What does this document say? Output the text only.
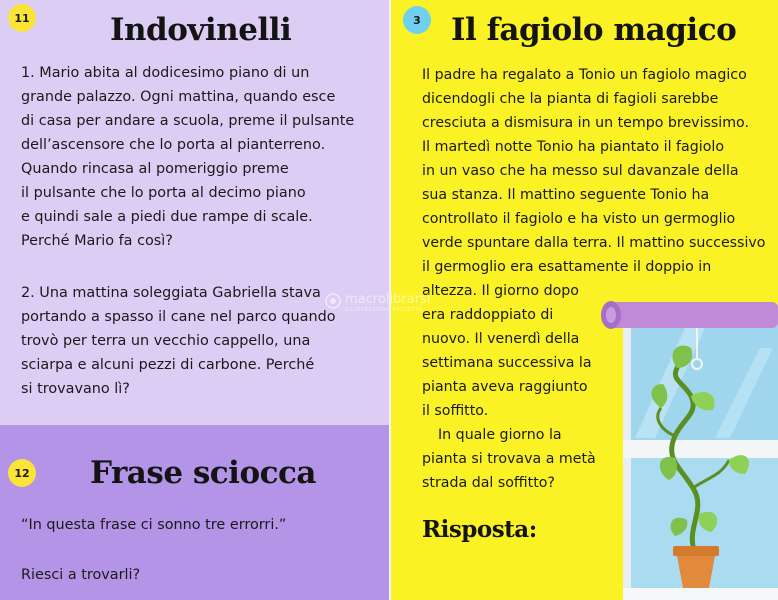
11	Indovinelli
1. Mario abita al dodicesimo piano di un
grande palazzo. Ogni mattina, quando esce
di casa per andare a scuola, preme il pulsante
dell’ascensore che lo porta al pianterreno.
Quando rincasa al pomeriggio preme
il pulsante che lo porta al decimo piano
e quindi sale a piedi due rampe di scale.
Perché Mario fa così?
2. Una mattina soleggiata Gabriella stava
portando a spasso il cane nel parco quando
trovò per terra un vecchio cappello, una
sciarpa e alcuni pezzi di carbone. Perché
si trovavano lì?
12 Frase sciocca

“In questa frase ci sonno tre errorri.”

Riesci a trovarli?

3 Il fagiolo magico
Il padre ha regalato a Tonio un fagiolo magico
dicendogli che la pianta di fagioli sarebbe
cresciuta a dismisura in un tempo brevissimo.
Il martedì notte Tonio ha piantato il fagiolo
in un vaso che ha messo sul davanzale della
sua stanza. Il mattino seguente Tonio ha
controllato il fagiolo e ha visto un germoglio
verde spuntare dalla terra. Il mattino successivo
il germoglio era esattamente il doppio in
altezza. Il giorno dopo
era raddoppiato di
nuovo. Il venerdì della
settimana successiva la
pianta aveva raggiunto
il soffitto.
In quale giorno la
pianta si trovava a metà
strada dal soffitto?
Risposta:
macrolibrarsi
ILLUSTRAZIONE PROTETTA
